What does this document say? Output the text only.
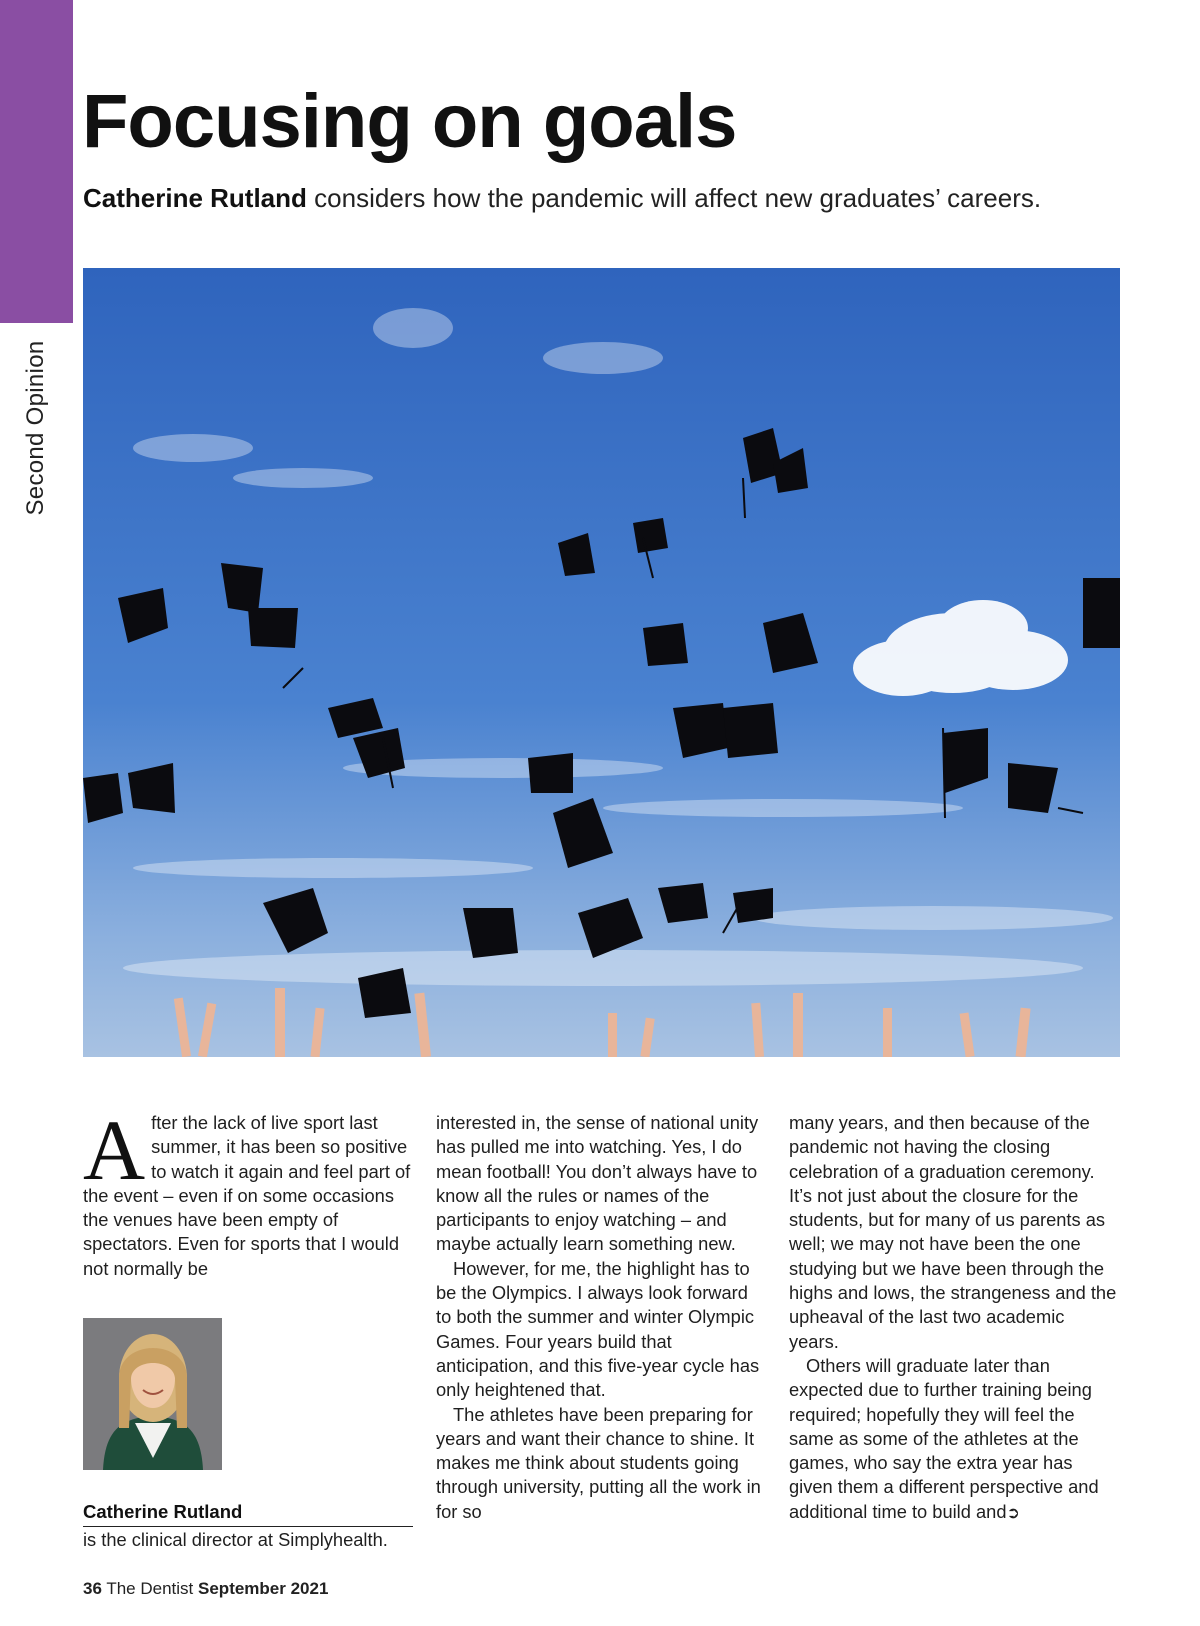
Second Opinion
Focusing on goals

Catherine Rutland considers how the pandemic will affect new graduates’ careers.

After the lack of live sport last summer, it has been so positive to watch it again and feel part of the event – even if on some occasions the venues have been empty of spectators. Even for sports that I would not normally be

Catherine Rutland
is the clinical director at Simplyhealth.

interested in, the sense of national unity has pulled me into watching. Yes, I do mean football! You don’t always have to know all the rules or names of the participants to enjoy watching – and maybe actually learn something new.

However, for me, the highlight has to be the Olympics. I always look forward to both the summer and winter Olympic Games. Four years build that anticipation, and this five-year cycle has only heightened that.

The athletes have been preparing for years and want their chance to shine. It makes me think about students going through university, putting all the work in for so

many years, and then because of the pandemic not having the closing celebration of a graduation ceremony. It’s not just about the closure for the students, but for many of us parents as well; we may not have been the one studying but we have been through the highs and lows, the strangeness and the upheaval of the last two academic years.

Others will graduate later than expected due to further training being required; hopefully they will feel the same as some of the athletes at the games, who say the extra year has given them a different perspective and additional time to build and➲

36 The Dentist September 2021
